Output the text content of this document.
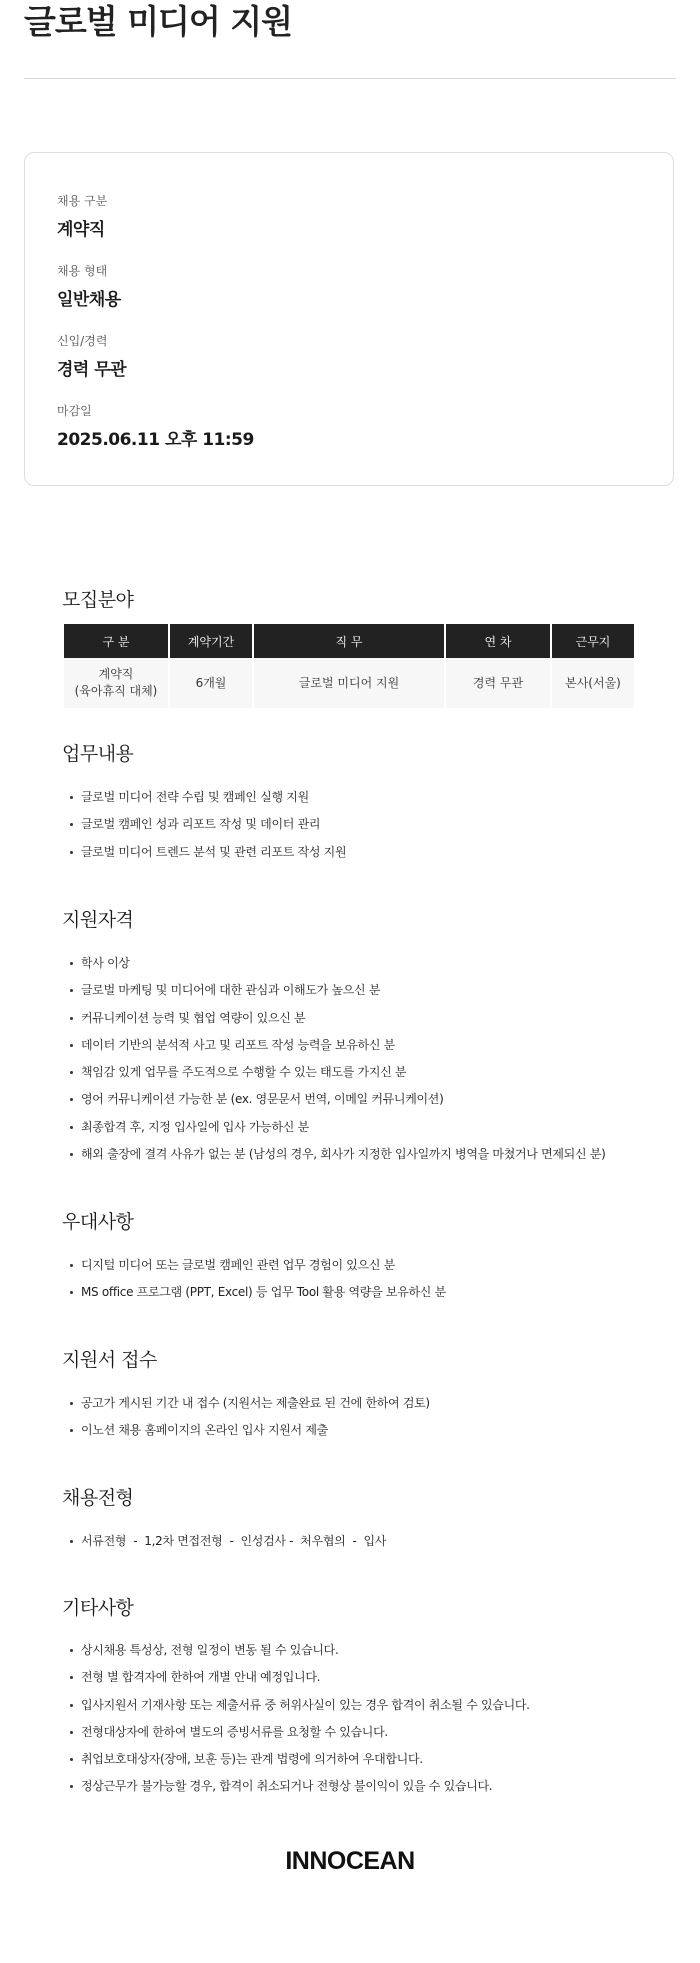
글로벌 미디어 지원
채용 구분
계약직
채용 형태
일반채용
신입/경력
경력 무관
마감일
2025.06.11 오후 11:59
모집분야
구 분	계약기간	직 무	연 차	근무지

계약직
(육아휴직 대체)	6개월	글로벌 미디어 지원	경력 무관	본사(서울)
업무내용
글로벌 미디어 전략 수립 및 캠페인 실행 지원
글로벌 캠페인 성과 리포트 작성 및 데이터 관리
글로벌 미디어 트렌드 분석 및 관련 리포트 작성 지원
지원자격
학사 이상
글로벌 마케팅 및 미디어에 대한 관심과 이해도가 높으신 분
커뮤니케이션 능력 및 협업 역량이 있으신 분
데이터 기반의 분석적 사고 및 리포트 작성 능력을 보유하신 분
책임감 있게 업무를 주도적으로 수행할 수 있는 태도를 가지신 분
영어 커뮤니케이션 가능한 분 (ex. 영문문서 번역, 이메일 커뮤니케이션)
최종합격 후, 지정 입사일에 입사 가능하신 분
해외 출장에 결격 사유가 없는 분 (남성의 경우, 회사가 지정한 입사일까지 병역을 마쳤거나 면제되신 분)
우대사항
디지털 미디어 또는 글로벌 캠페인 관련 업무 경험이 있으신 분
MS office 프로그램 (PPT, Excel) 등 업무 Tool 활용 역량을 보유하신 분
지원서 접수
공고가 게시된 기간 내 접수 (지원서는 제출완료 된 건에 한하여 검토)
이노션 채용 홈페이지의 온라인 입사 지원서 제출
채용전형
서류전형  -  1,2차 면접전형  -  인성검사 -  처우협의  -  입사
기타사항
상시채용 특성상, 전형 일정이 변동 될 수 있습니다.
전형 별 합격자에 한하여 개별 안내 예정입니다.
입사지원서 기재사항 또는 제출서류 중 허위사실이 있는 경우 합격이 취소될 수 있습니다.
전형대상자에 한하여 별도의 증빙서류를 요청할 수 있습니다.
취업보호대상자(장애, 보훈 등)는 관계 법령에 의거하여 우대합니다.
정상근무가 불가능할 경우, 합격이 취소되거나 전형상 불이익이 있을 수 있습니다.
INNOCEAN
